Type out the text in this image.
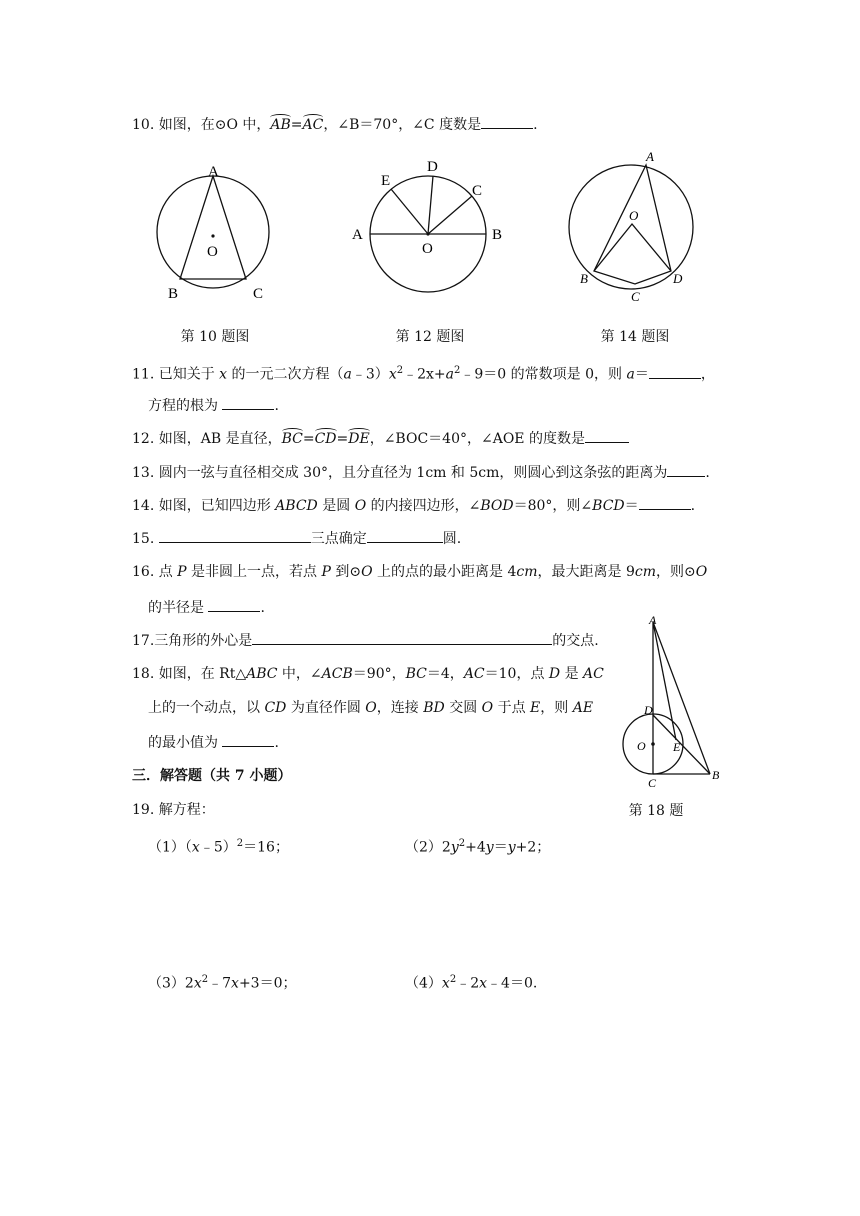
10. 如图，在⊙O 中，
AB=
AC，∠B＝70°，∠C 度数是	.
A
O
B	C
第 10 题图
A	B
C
D
E
O
第 12 题图
A
O
B
C
D
第 14 题图
11. 已知关于 x 的一元二次方程$(a﹣3)x^2﹣2x+a^2﹣9=0$ 的常数项是 0，则 a＝	，
方程的根为	.
12. 如图，AB 是直径，
BC=
CD=
DE，∠BOC＝40°，∠AOE 的度数是
13. 圆内一弦与直径相交成 30°，且分直径为 1cm 和 5cm，则圆心到这条弦的距离为	.
14. 如图，已知四边形 ABCD 是圆 O 的内接四边形，∠BOD＝80°，则∠BCD＝	.
15.	三点确定	圆.
16. 点 P 是非圆上一点，若点 P 到⊙O 上的点的最小距离是 4cm，最大距离是 9cm，则⊙O
的半径是	.
17.三角形的外心是	的交点.
18. 如图，在 Rt△ABC 中，∠ACB＝90°，BC＝4，AC＝10，点 D 是 AC
上的一个动点，以 CD 为直径作圆 O，连接 BD 交圆 O 于点 E，则 AE
的最小值为	.
A
D
O E
C
B
第 18 题
三．解答题（共 7 小题）
19. 解方程：
（1）（x﹣5）$^2$＝16；	$(2)2y^2+4y=y+2$；
$(3)2x^2﹣7x+3=0$；	$(4)x^2﹣2x﹣4=0$.
